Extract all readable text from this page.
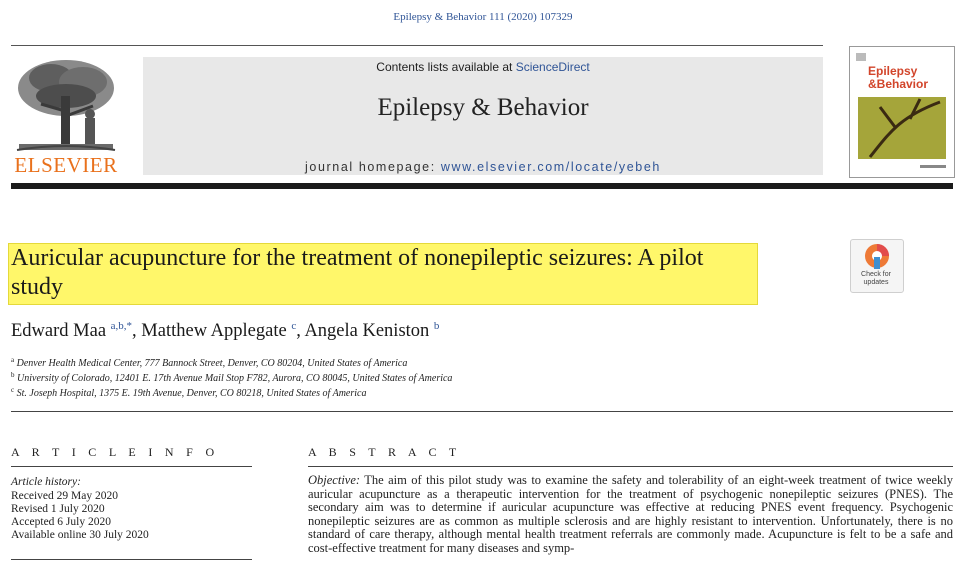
Epilepsy & Behavior 111 (2020) 107329
ELSEVIER
Contents lists available at ScienceDirect
Epilepsy & Behavior
journal homepage: www.elsevier.com/locate/yebeh
Epilepsy
&Behavior
Auricular acupuncture for the treatment of nonepileptic seizures: A pilot study	Check for updates
Edward Maa $^{a,b,*}$, Matthew Applegate $^c$, Angela Keniston $^b$
$^a$ Denver Health Medical Center, 777 Bannock Street, Denver, CO 80204, United States of America
$^b$ University of Colorado, 12401 E. 17th Avenue Mail Stop F782, Aurora, CO 80045, United States of America
$^c$ St. Joseph Hospital, 1375 E. 19th Avenue, Denver, CO 80218, United States of America
A R T I C L E I N F O
Article history:
Received 29 May 2020
Revised 1 July 2020
Accepted 6 July 2020
Available online 30 July 2020
A B S T R A C T
Objective: The aim of this pilot study was to examine the safety and tolerability of an eight-week treatment of twice weekly auricular acupuncture as a therapeutic intervention for the treatment of psychogenic nonepileptic seizures (PNES). The secondary aim was to determine if auricular acupuncture was effective at reducing PNES event frequency. Psychogenic nonepileptic seizures are as common as multiple sclerosis and are highly resistant to intervention. Unfortunately, there is no standard of care therapy, although mental health treatment referrals are commonly made. Acupuncture is felt to be a safe and cost-effective treatment for many diseases and symp-
